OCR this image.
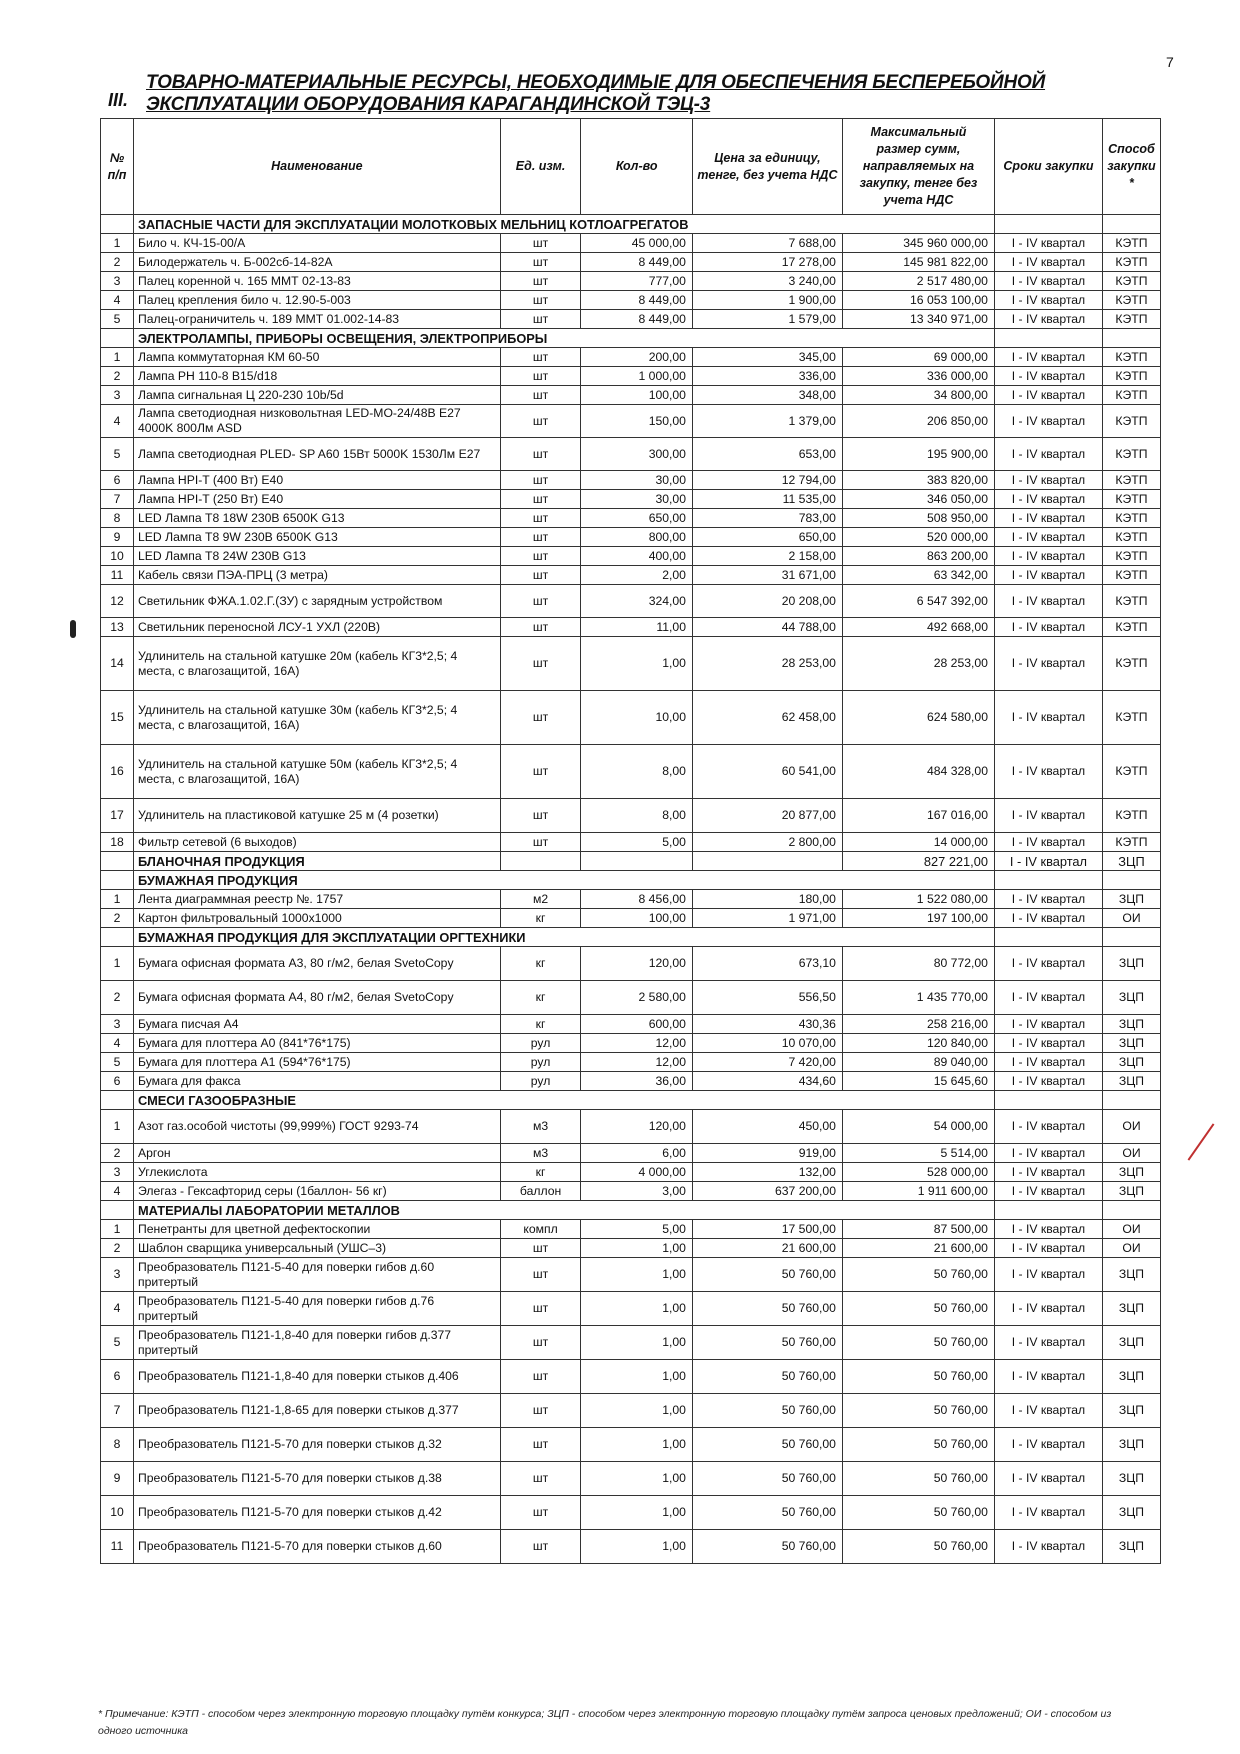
7
III.
ТОВАРНО-МАТЕРИАЛЬНЫЕ РЕСУРСЫ, НЕОБХОДИМЫЕ ДЛЯ ОБЕСПЕЧЕНИЯ БЕСПЕРЕБОЙНОЙ
ЭКСПЛУАТАЦИИ ОБОРУДОВАНИЯ КАРАГАНДИНСКОЙ ТЭЦ-3
№ п/п	Наименование	Ед. изм.	Кол-во	Цена за единицу, тенге, без учета НДС	Максимальный размер сумм, направляемых на закупку, тенге без учета НДС	Сроки закупки	Способ закупки *
	ЗАПАСНЫЕ ЧАСТИ ДЛЯ ЭКСПЛУАТАЦИИ МОЛОТКОВЫХ МЕЛЬНИЦ КОТЛОАГРЕГАТОВ						
1	Било ч. КЧ-15-00/А	шт	45 000,00	7 688,00	345 960 000,00	I - IV квартал	КЭТП
2	Билодержатель ч. Б-002сб-14-82А	шт	8 449,00	17 278,00	145 981 822,00	I - IV квартал	КЭТП
3	Палец коренной ч. 165 ММТ 02-13-83	шт	777,00	3 240,00	2 517 480,00	I - IV квартал	КЭТП
4	Палец крепления било ч. 12.90-5-003	шт	8 449,00	1 900,00	16 053 100,00	I - IV квартал	КЭТП
5	Палец-ограничитель ч. 189 ММТ 01.002-14-83	шт	8 449,00	1 579,00	13 340 971,00	I - IV квартал	КЭТП
	ЭЛЕКТРОЛАМПЫ, ПРИБОРЫ ОСВЕЩЕНИЯ, ЭЛЕКТРОПРИБОРЫ						
1	Лампа коммутаторная КМ 60-50	шт	200,00	345,00	69 000,00	I - IV квартал	КЭТП
2	Лампа РН 110-8 B15/d18	шт	1 000,00	336,00	336 000,00	I - IV квартал	КЭТП
3	Лампа сигнальная Ц 220-230 10b/5d	шт	100,00	348,00	34 800,00	I - IV квартал	КЭТП
4	Лампа светодиодная низковольтная LED-MO-24/48В E27 4000K 800Лм ASD	шт	150,00	1 379,00	206 850,00	I - IV квартал	КЭТП
5	Лампа светодиодная PLED- SP A60 15Вт 5000K 1530Лм E27	шт	300,00	653,00	195 900,00	I - IV квартал	КЭТП
6	Лампа HPI-T (400 Вт) E40	шт	30,00	12 794,00	383 820,00	I - IV квартал	КЭТП
7	Лампа HPI-T (250 Вт) E40	шт	30,00	11 535,00	346 050,00	I - IV квартал	КЭТП
8	LED Лампа T8 18W 230В 6500K G13	шт	650,00	783,00	508 950,00	I - IV квартал	КЭТП
9	LED Лампа T8 9W 230В 6500K G13	шт	800,00	650,00	520 000,00	I - IV квартал	КЭТП
10	LED Лампа T8 24W 230В G13	шт	400,00	2 158,00	863 200,00	I - IV квартал	КЭТП
11	Кабель связи ПЭА-ПРЦ (3 метра)	шт	2,00	31 671,00	63 342,00	I - IV квартал	КЭТП
12	Светильник ФЖА.1.02.Г.(ЗУ) с зарядным устройством	шт	324,00	20 208,00	6 547 392,00	I - IV квартал	КЭТП
13	Светильник переносной ЛСУ-1 УХЛ (220В)	шт	11,00	44 788,00	492 668,00	I - IV квартал	КЭТП
14	Удлинитель на стальной катушке 20м (кабель КГ3*2,5; 4 места, с влагозащитой, 16А)	шт	1,00	28 253,00	28 253,00	I - IV квартал	КЭТП
15	Удлинитель на стальной катушке 30м (кабель КГ3*2,5; 4 места, с влагозащитой, 16А)	шт	10,00	62 458,00	624 580,00	I - IV квартал	КЭТП
16	Удлинитель на стальной катушке 50м (кабель КГ3*2,5; 4 места, с влагозащитой, 16А)	шт	8,00	60 541,00	484 328,00	I - IV квартал	КЭТП
17	Удлинитель на пластиковой катушке 25 м (4 розетки)	шт	8,00	20 877,00	167 016,00	I - IV квартал	КЭТП
18	Фильтр сетевой (6 выходов)	шт	5,00	2 800,00	14 000,00	I - IV квартал	КЭТП
	БЛАНОЧНАЯ ПРОДУКЦИЯ				827 221,00	I - IV квартал	ЗЦП
	БУМАЖНАЯ ПРОДУКЦИЯ						
1	Лента диаграммная реестр №. 1757	м2	8 456,00	180,00	1 522 080,00	I - IV квартал	ЗЦП
2	Картон фильтровальный 1000x1000	кг	100,00	1 971,00	197 100,00	I - IV квартал	ОИ
	БУМАЖНАЯ ПРОДУКЦИЯ ДЛЯ ЭКСПЛУАТАЦИИ ОРГТЕХНИКИ						
1	Бумага офисная формата А3, 80 г/м2, белая SvetoCopy	кг	120,00	673,10	80 772,00	I - IV квартал	ЗЦП
2	Бумага офисная формата А4, 80 г/м2, белая SvetoCopy	кг	2 580,00	556,50	1 435 770,00	I - IV квартал	ЗЦП
3	Бумага писчая А4	кг	600,00	430,36	258 216,00	I - IV квартал	ЗЦП
4	Бумага для плоттера А0 (841*76*175)	рул	12,00	10 070,00	120 840,00	I - IV квартал	ЗЦП
5	Бумага для плоттера А1 (594*76*175)	рул	12,00	7 420,00	89 040,00	I - IV квартал	ЗЦП
6	Бумага для факса	рул	36,00	434,60	15 645,60	I - IV квартал	ЗЦП
	СМЕСИ ГАЗООБРАЗНЫЕ						
1	Азот газ.особой чистоты (99,999%) ГОСТ 9293-74	м3	120,00	450,00	54 000,00	I - IV квартал	ОИ
2	Аргон	м3	6,00	919,00	5 514,00	I - IV квартал	ОИ
3	Углекислота	кг	4 000,00	132,00	528 000,00	I - IV квартал	ЗЦП
4	Элегаз - Гексафторид серы (1баллон- 56 кг)	баллон	3,00	637 200,00	1 911 600,00	I - IV квартал	ЗЦП
	МАТЕРИАЛЫ ЛАБОРАТОРИИ МЕТАЛЛОВ						
1	Пенетранты для цветной дефектоскопии	компл	5,00	17 500,00	87 500,00	I - IV квартал	ОИ
2	Шаблон сварщика универсальный (УШС–3)	шт	1,00	21 600,00	21 600,00	I - IV квартал	ОИ
3	Преобразователь П121-5-40 для поверки гибов д.60 притертый	шт	1,00	50 760,00	50 760,00	I - IV квартал	ЗЦП
4	Преобразователь П121-5-40 для поверки гибов д.76 притертый	шт	1,00	50 760,00	50 760,00	I - IV квартал	ЗЦП
5	Преобразователь П121-1,8-40 для поверки гибов д.377 притертый	шт	1,00	50 760,00	50 760,00	I - IV квартал	ЗЦП
6	Преобразователь П121-1,8-40 для поверки стыков д.406	шт	1,00	50 760,00	50 760,00	I - IV квартал	ЗЦП
7	Преобразователь П121-1,8-65 для поверки стыков д.377	шт	1,00	50 760,00	50 760,00	I - IV квартал	ЗЦП
8	Преобразователь П121-5-70 для поверки стыков д.32	шт	1,00	50 760,00	50 760,00	I - IV квартал	ЗЦП
9	Преобразователь П121-5-70 для поверки стыков д.38	шт	1,00	50 760,00	50 760,00	I - IV квартал	ЗЦП
10	Преобразователь П121-5-70 для поверки стыков д.42	шт	1,00	50 760,00	50 760,00	I - IV квартал	ЗЦП
11	Преобразователь П121-5-70 для поверки стыков д.60	шт	1,00	50 760,00	50 760,00	I - IV квартал	ЗЦП
* Примечание: КЭТП - способом через электронную торговую площадку путём конкурса; ЗЦП - способом через электронную торговую площадку путём запроса ценовых предложений; ОИ - способом из одного источника
